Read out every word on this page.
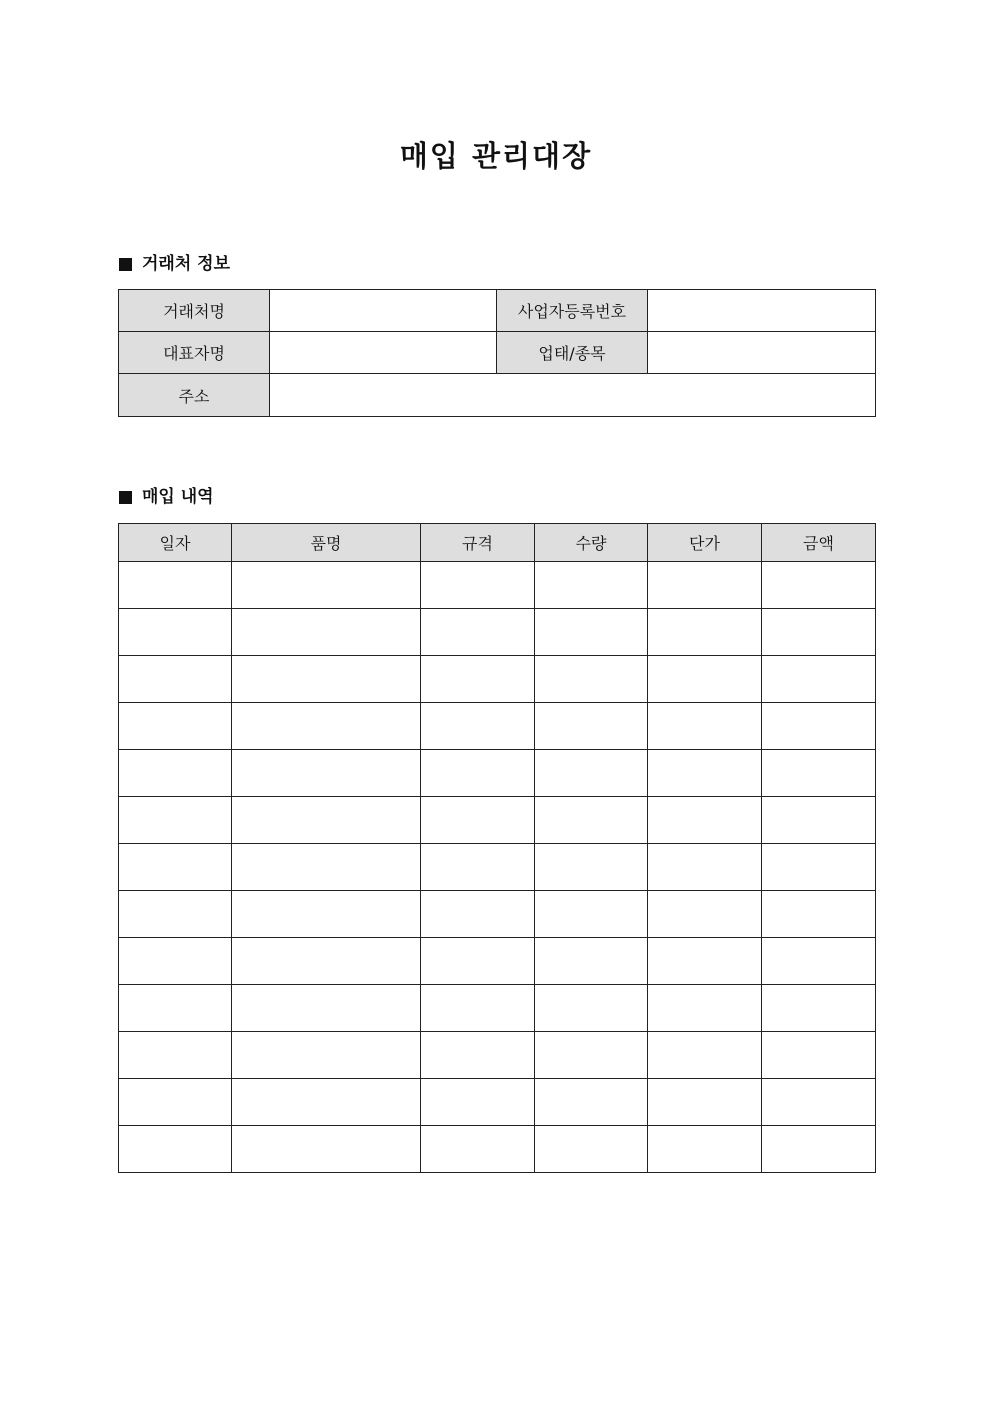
매입 관리대장
거래처 정보
거래처명		사업자등록번호	
대표자명		업태/종목	
주소			
매입 내역
일자	품명	규격	수량	단가	금액
